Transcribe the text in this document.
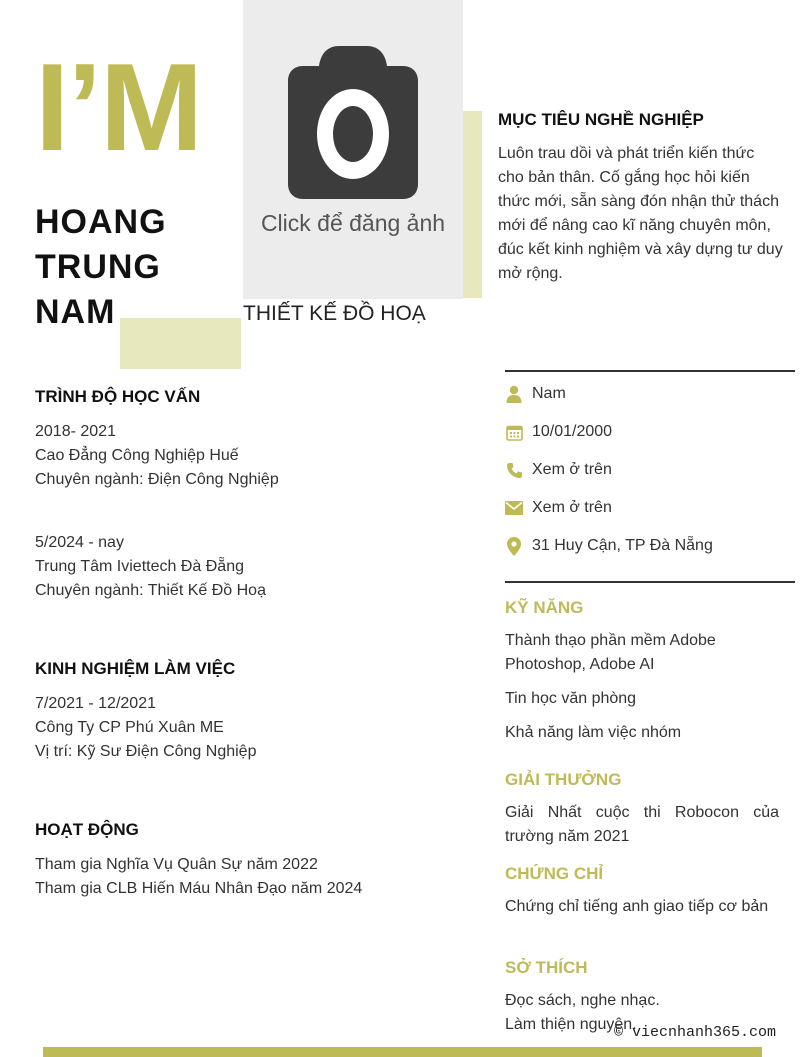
I’M
HOANG
TRUNG
NAM
Click để đăng ảnh
THIẾT KẾ ĐỒ HOẠ
MỤC TIÊU NGHỀ NGHIỆP
Luôn trau dồi và phát triển kiến thức cho bản thân. Cố gắng học hỏi kiến thức mới, sẵn sàng đón nhận thử thách mới để nâng cao kĩ năng chuyên môn, đúc kết kinh nghiệm và xây dựng tư duy mở rộng.
TRÌNH ĐỘ HỌC VẤN
2018- 2021
Cao Đẳng Công Nghiệp Huế
Chuyên ngành: Điện Công Nghiệp
5/2024 - nay
Trung Tâm Iviettech Đà Đẵng
Chuyên ngành: Thiết Kế Đồ Hoạ
KINH NGHIỆM LÀM VIỆC
7/2021 - 12/2021
Công Ty CP Phú Xuân ME
Vị trí: Kỹ Sư Điện Công Nghiệp
HOẠT ĐỘNG
Tham gia Nghĩa Vụ Quân Sự năm 2022
Tham gia CLB Hiến Máu Nhân Đạo năm 2024
Nam
10/01/2000
Xem ở trên
Xem ở trên
31 Huy Cận, TP Đà Nẵng
KỸ NĂNG
Thành thạo phần mềm Adobe Photoshop, Adobe AI
Tin học văn phòng
Khả năng làm việc nhóm
GIẢI THƯỞNG
Giải Nhất cuộc thi Robocon của trường năm 2021
CHỨNG CHỈ
Chứng chỉ tiếng anh giao tiếp cơ bản
SỞ THÍCH
Đọc sách, nghe nhạc.
Làm thiện nguyện.
© viecnhanh365.com
